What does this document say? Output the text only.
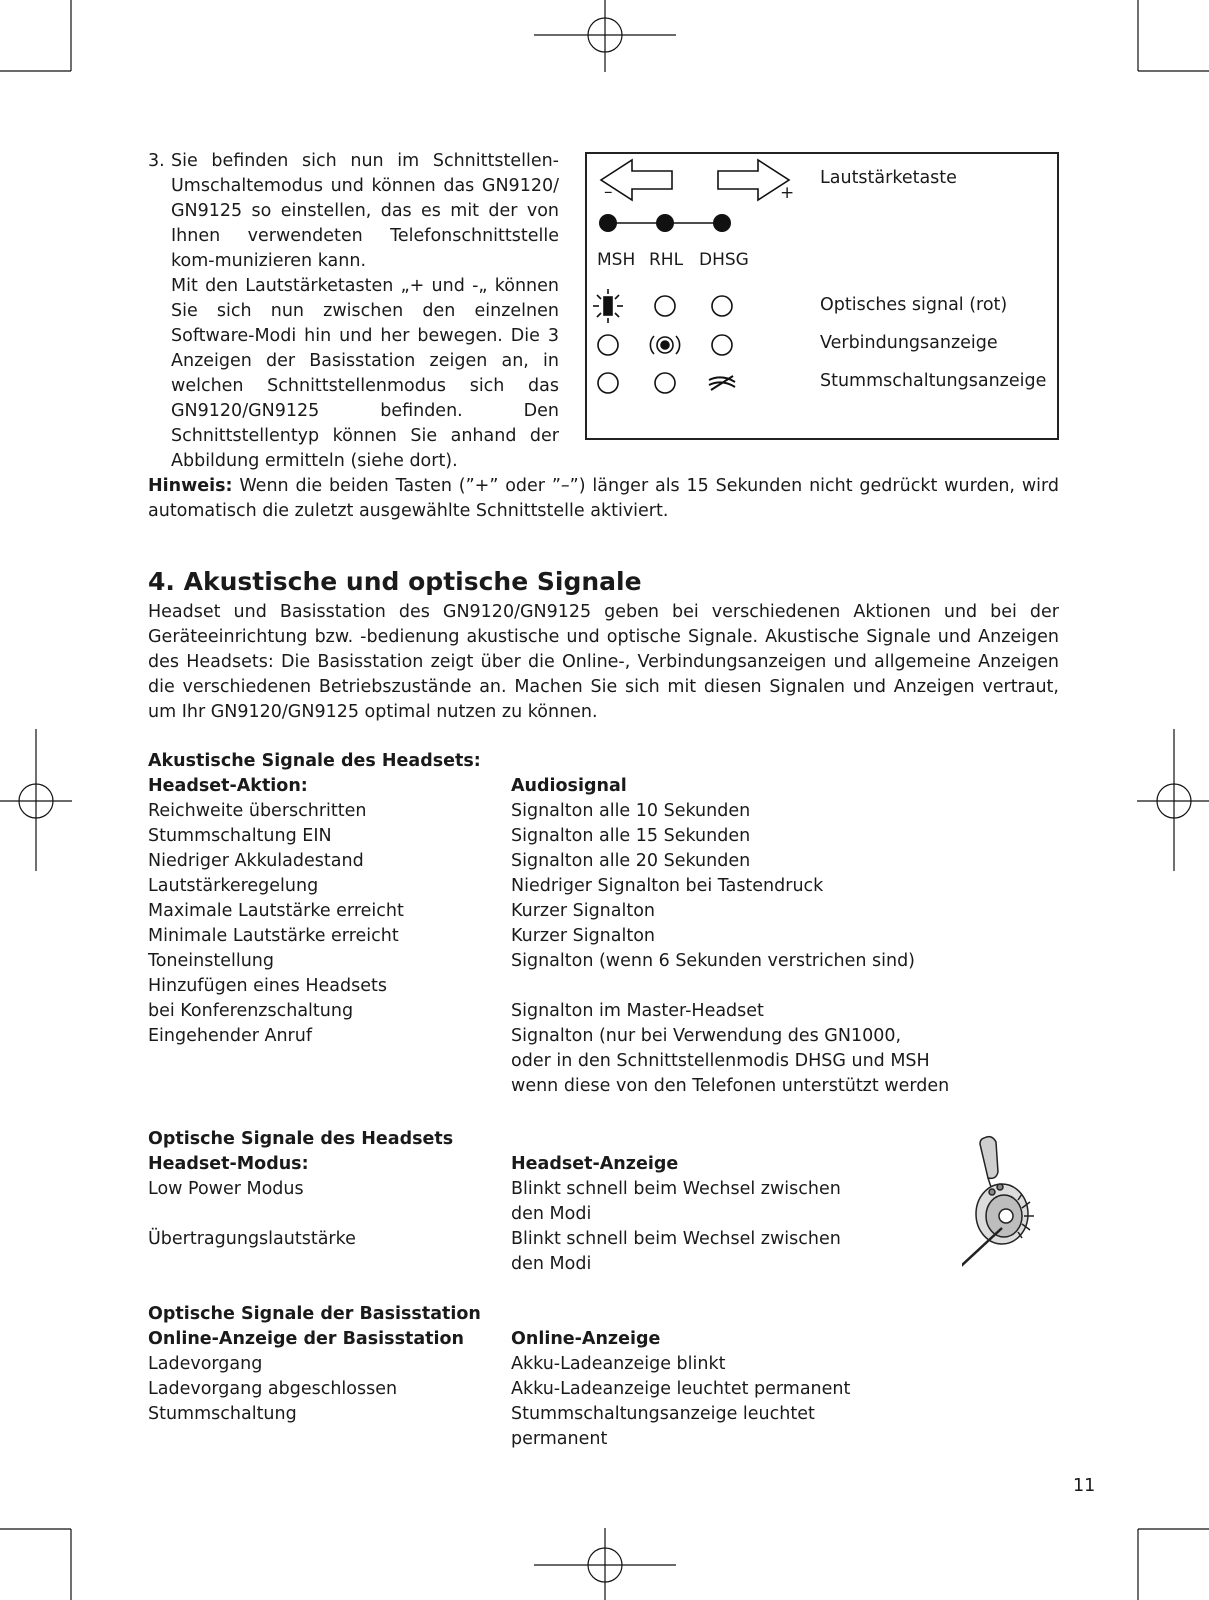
3. Sie befinden sich nun im Schnittstellen-Umschaltemodus und können das GN9120/ GN9125 so einstellen, das es mit der von Ihnen verwendeten Telefonschnittstelle kom-munizieren kann.

Mit den Lautstärketasten „+ und -„ können Sie sich nun zwischen den einzelnen Software-Modi hin und her bewegen. Die 3 Anzeigen der Basisstation zeigen an, in welchen Schnittstellenmodus sich das GN9120/GN9125 befinden. Den Schnittstellentyp können Sie anhand der Abbildung ermitteln (siehe dort).

–	+
Lautstärketaste
MSH RHL DHSG
Optisches signal (rot)
Verbindungsanzeige
Stummschaltungsanzeige

Hinweis: Wenn die beiden Tasten (”+” oder ”–”) länger als 15 Sekunden nicht gedrückt wurden, wird automatisch die zuletzt ausgewählte Schnittstelle aktiviert.

4. Akustische und optische Signale

Headset und Basisstation des GN9120/GN9125 geben bei verschiedenen Aktionen und bei der Geräteeinrichtung bzw. -bedienung akustische und optische Signale. Akustische Signale und Anzeigen des Headsets: Die Basisstation zeigt über die Online-, Verbindungsanzeigen und allgemeine Anzeigen die verschiedenen Betriebszustände an. Machen Sie sich mit diesen Signalen und Anzeigen vertraut, um Ihr GN9120/GN9125 optimal nutzen zu können.

Akustische Signale des Headsets:
Headset-Aktion:	Audiosignal
Reichweite überschritten	Signalton alle 10 Sekunden
Stummschaltung EIN	Signalton alle 15 Sekunden
Niedriger Akkuladestand	Signalton alle 20 Sekunden
Lautstärkeregelung	Niedriger Signalton bei Tastendruck
Maximale Lautstärke erreicht	Kurzer Signalton
Minimale Lautstärke erreicht	Kurzer Signalton
Toneinstellung	Signalton (wenn 6 Sekunden verstrichen sind)
Hinzufügen eines Headsets
bei Konferenzschaltung	Signalton im Master-Headset
Eingehender Anruf	Signalton (nur bei Verwendung des GN1000,
oder in den Schnittstellenmodis DHSG und MSH
wenn diese von den Telefonen unterstützt werden
Optische Signale des Headsets
Headset-Modus:	Headset-Anzeige
Low Power Modus	Blinkt schnell beim Wechsel zwischen
den Modi
Übertragungslautstärke	Blinkt schnell beim Wechsel zwischen
den Modi
Optische Signale der Basisstation
Online-Anzeige der Basisstation	Online-Anzeige
Ladevorgang	Akku-Ladeanzeige blinkt
Ladevorgang abgeschlossen	Akku-Ladeanzeige leuchtet permanent
Stummschaltung	Stummschaltungsanzeige leuchtet
permanent
11
